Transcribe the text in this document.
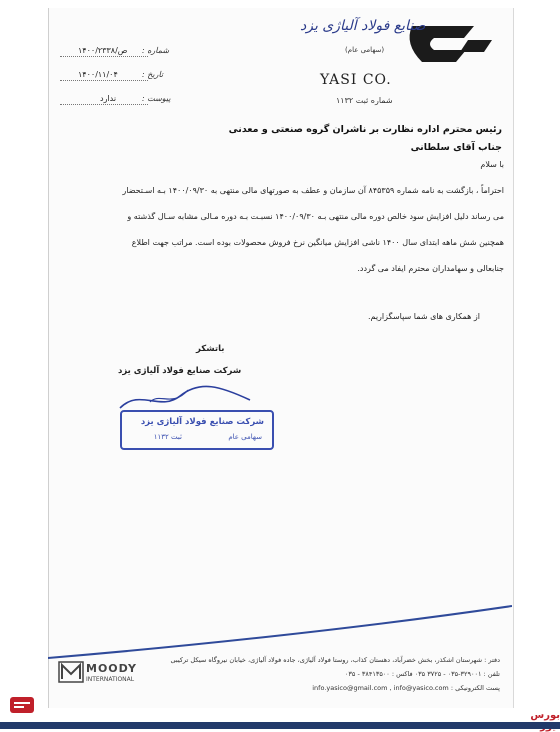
صنایع فولاد آلیاژی یزد
(سهامی عام)
YASI CO.
شماره ثبت ۱۱۳۲
۱۴۰۰/۲۳۳۸/ص شماره :
۱۴۰۰/۱۱/۰۴	تاریخ :
ندارد	پیوست :
رئیس محترم اداره نظارت بر ناشران گروه صنعتی و معدنی
جناب آقای سلطانی
با سلام
احتراماً ، بازگشت به نامه شماره ۸۴۵۳۵۹ آن سازمان و عطف به صورتهای مالی منتهی به ۱۴۰۰/۰۹/۳۰ بـه اسـتحضار
می رساند دلیل افزایش سود خالص دوره مالی منتهی بـه ۱۴۰۰/۰۹/۳۰ نسبـت بـه دوره مـالی مشابه سـال گذشته و
همچنین شش ماهه ابتدای سال ۱۴۰۰ ناشی افزایش میانگین نرخ فروش محصولات بوده است. مراتب جهت اطلاع
جنابعالی و سهامداران محترم ایفاد می گردد.
از همکاری های شما سپاسگزاریم.
باتشکر
شرکت صنایع فولاد آلیاژی یزد
شرکت صنایع فولاد آلیاژی یزد
سهامی عام
ثبت ۱۱۳۲
دفتر : شهرستان اشکذر، بخش خضرآباد، دهستان کذاب، روستا فولاد آلیاژی، جاده فولاد آلیاژی، خیابان نیروگاه سیکل ترکیبی
تلفن : ۳۲۹۰۰۱-۰۳۵ - ۳۷۲۵ ۰۳۵ فاکس : ۳۸۴۱۳۵۰۰ - ۰۳۵
پست الکترونیکی : info.yasico@gmail.com , info@yasico.com
MOODY
INTERNATIONAL
بورس
